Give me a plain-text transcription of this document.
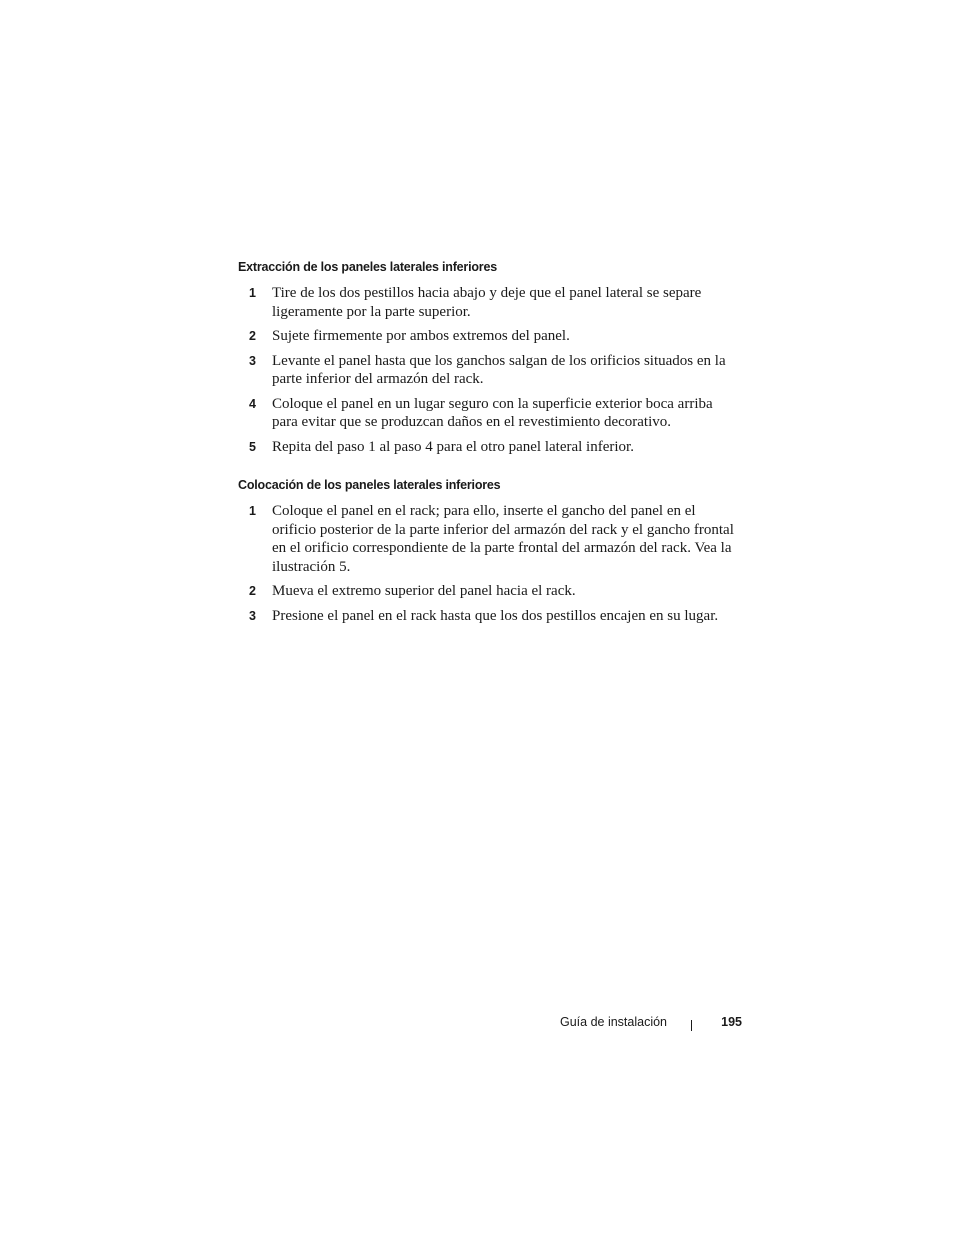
Extracción de los paneles laterales inferiores
1 Tire de los dos pestillos hacia abajo y deje que el panel lateral se separe ligeramente por la parte superior.
2 Sujete firmemente por ambos extremos del panel.
3 Levante el panel hasta que los ganchos salgan de los orificios situados en la parte inferior del armazón del rack.
4 Coloque el panel en un lugar seguro con la superficie exterior boca arriba para evitar que se produzcan daños en el revestimiento decorativo.
5 Repita del paso 1 al paso 4 para el otro panel lateral inferior.
Colocación de los paneles laterales inferiores
1 Coloque el panel en el rack; para ello, inserte el gancho del panel en el orificio posterior de la parte inferior del armazón del rack y el gancho frontal en el orificio correspondiente de la parte frontal del armazón del rack. Vea la ilustración 5.
2 Mueva el extremo superior del panel hacia el rack.
3 Presione el panel en el rack hasta que los dos pestillos encajen en su lugar.
Guía de instalación	195
